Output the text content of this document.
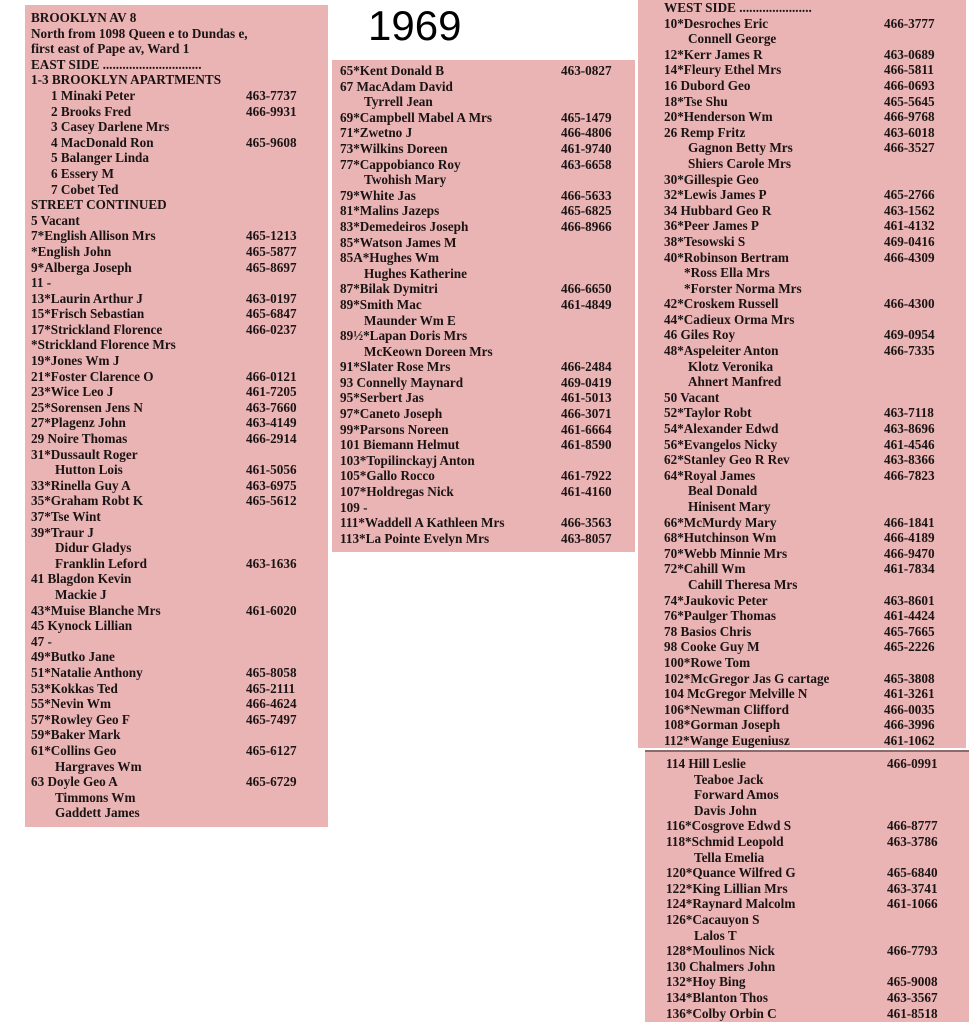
1969
BROOKLYN AV 8
North from 1098 Queen e to Dundas e,
first east of Pape av, Ward 1
EAST SIDE ..............................
1-3 BROOKLYN APARTMENTS
1 Minaki Peter	463-7737
2 Brooks Fred	466-9931
3 Casey Darlene Mrs
4 MacDonald Ron	465-9608
5 Balanger Linda
6 Essery M
7 Cobet Ted
STREET CONTINUED
5 Vacant
7*English Allison Mrs	465-1213
*English John	465-5877
9*Alberga Joseph	465-8697
11 -
13*Laurin Arthur J	463-0197
15*Frisch Sebastian	465-6847
17*Strickland Florence	466-0237
*Strickland Florence Mrs
19*Jones Wm J
21*Foster Clarence O	466-0121
23*Wice Leo J	461-7205
25*Sorensen Jens N	463-7660
27*Plagenz John	463-4149
29 Noire Thomas	466-2914
31*Dussault Roger
Hutton Lois	461-5056
33*Rinella Guy A	463-6975
35*Graham Robt K	465-5612
37*Tse Wint
39*Traur J
Didur Gladys
Franklin Leford	463-1636
41 Blagdon Kevin
Mackie J
43*Muise Blanche Mrs	461-6020
45 Kynock Lillian
47 -
49*Butko Jane
51*Natalie Anthony	465-8058
53*Kokkas Ted	465-2111
55*Nevin Wm	466-4624
57*Rowley Geo F	465-7497
59*Baker Mark
61*Collins Geo	465-6127
Hargraves Wm
63 Doyle Geo A	465-6729
Timmons Wm
Gaddett James
65*Kent Donald B	463-0827
67 MacAdam David
Tyrrell Jean
69*Campbell Mabel A Mrs	465-1479
71*Zwetno J	466-4806
73*Wilkins Doreen	461-9740
77*Cappobianco Roy	463-6658
Twohish Mary
79*White Jas	466-5633
81*Malins Jazeps	465-6825
83*Demedeiros Joseph	466-8966
85*Watson James M
85A*Hughes Wm
Hughes Katherine
87*Bilak Dymitri	466-6650
89*Smith Mac	461-4849
Maunder Wm E
89½*Lapan Doris Mrs
McKeown Doreen Mrs
91*Slater Rose Mrs	466-2484
93 Connelly Maynard	469-0419
95*Serbert Jas	461-5013
97*Caneto Joseph	466-3071
99*Parsons Noreen	461-6664
101 Biemann Helmut	461-8590
103*Topilinckayj Anton
105*Gallo Rocco	461-7922
107*Holdregas Nick	461-4160
109 -
111*Waddell A Kathleen Mrs	466-3563
113*La Pointe Evelyn Mrs	463-8057
WEST SIDE ......................
10*Desroches Eric	466-3777
Connell George
12*Kerr James R	463-0689
14*Fleury Ethel Mrs	466-5811
16 Dubord Geo	466-0693
18*Tse Shu	465-5645
20*Henderson Wm	466-9768
26 Remp Fritz	463-6018
Gagnon Betty Mrs	466-3527
Shiers Carole Mrs
30*Gillespie Geo
32*Lewis James P	465-2766
34 Hubbard Geo R	463-1562
36*Peer James P	461-4132
38*Tesowski S	469-0416
40*Robinson Bertram	466-4309
*Ross Ella Mrs
*Forster Norma Mrs
42*Croskem Russell	466-4300
44*Cadieux Orma Mrs
46 Giles Roy	469-0954
48*Aspeleiter Anton	466-7335
Klotz Veronika
Ahnert Manfred
50 Vacant
52*Taylor Robt	463-7118
54*Alexander Edwd	463-8696
56*Evangelos Nicky	461-4546
62*Stanley Geo R Rev	463-8366
64*Royal James	466-7823
Beal Donald
Hinisent Mary
66*McMurdy Mary	466-1841
68*Hutchinson Wm	466-4189
70*Webb Minnie Mrs	466-9470
72*Cahill Wm	461-7834
Cahill Theresa Mrs
74*Jaukovic Peter	463-8601
76*Paulger Thomas	461-4424
78 Basios Chris	465-7665
98 Cooke Guy M	465-2226
100*Rowe Tom
102*McGregor Jas G cartage	465-3808
104 McGregor Melville N	461-3261
106*Newman Clifford	466-0035
108*Gorman Joseph	466-3996
112*Wange Eugeniusz	461-1062
114 Hill Leslie	466-0991
Teaboe Jack
Forward Amos
Davis John
116*Cosgrove Edwd S	466-8777
118*Schmid Leopold	463-3786
Tella Emelia
120*Quance Wilfred G	465-6840
122*King Lillian Mrs	463-3741
124*Raynard Malcolm	461-1066
126*Cacauyon S
Lalos T
128*Moulinos Nick	466-7793
130 Chalmers John
132*Hoy Bing	465-9008
134*Blanton Thos	463-3567
136*Colby Orbin C	461-8518
